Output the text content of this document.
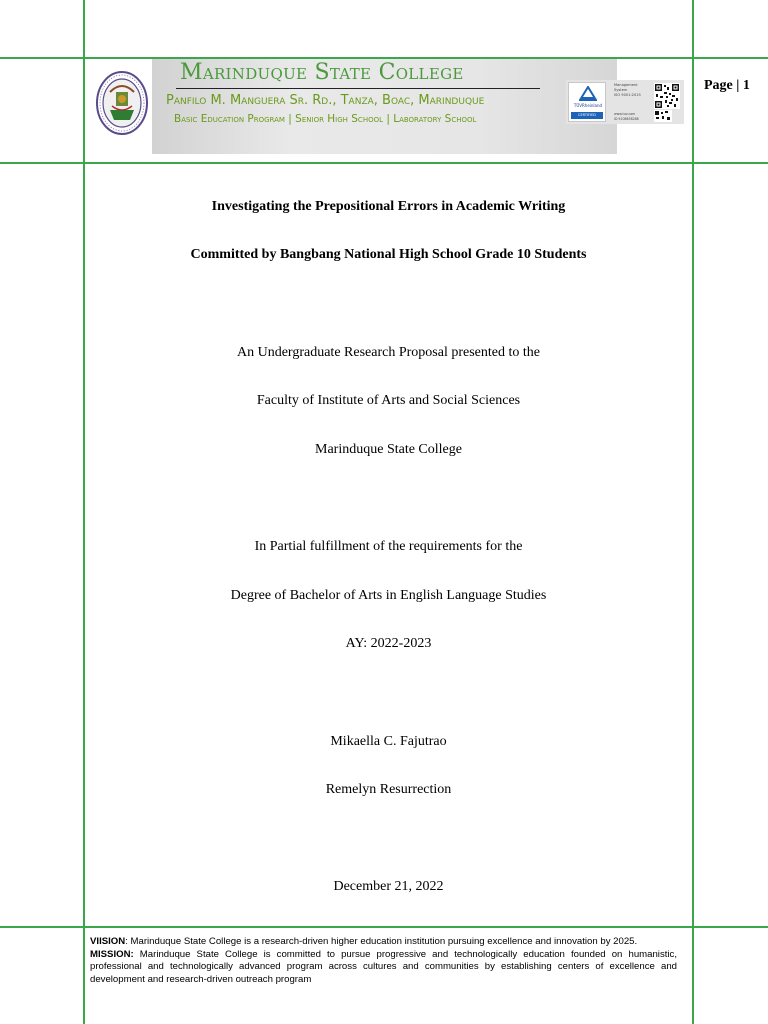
Marinduque State College
Panfilo M. Manguera Sr. Rd., Tanza, Boac, Marinduque
Basic Education Program | Senior High School | Laboratory School
TÜVRheinland
CERTIFIED
Management
System
ISO 9001:2015
www.tuv.com
ID 9108638288
Page | 1
Investigating the Prepositional Errors in Academic Writing
Committed by Bangbang National High School Grade 10 Students
An Undergraduate Research Proposal presented to the
Faculty of Institute of Arts and Social Sciences
Marinduque State College
In Partial fulfillment of the requirements for the
Degree of Bachelor of Arts in English Language Studies
AY: 2022-2023
Mikaella C. Fajutrao
Remelyn Resurrection
December 21, 2022

VIISION: Marinduque State College is a research-driven higher education institution pursuing excellence and innovation by 2025.

MISSION: Marinduque State College is committed to pursue progressive and technologically education founded on humanistic, professional and technologically advanced program across cultures and communities by establishing centers of excellence and development and research-driven outreach program
